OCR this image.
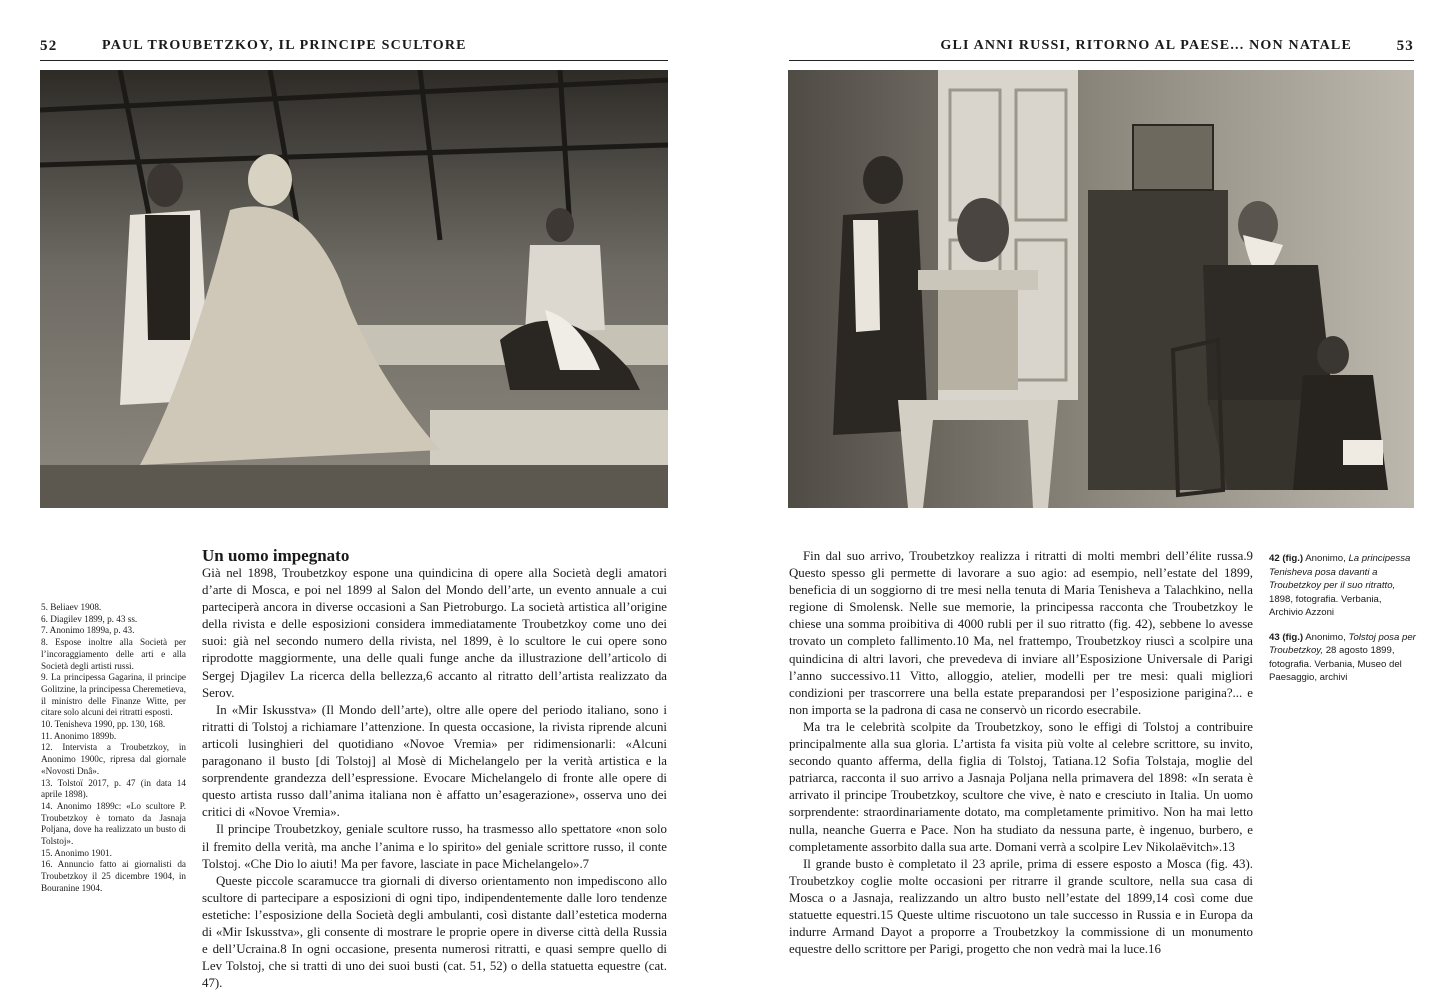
52	PAUL TROUBETZKOY, IL PRINCIPE SCULTORE
Un uomo impegnato

Già nel 1898, Troubetzkoy espone una quindicina di opere alla Società degli amatori d’arte di Mosca, e poi nel 1899 al Salon del Mondo dell’arte, un evento annuale a cui parteciperà ancora in diverse occasioni a San Pietroburgo. La società artistica all’origine della rivista e delle esposizioni considera immediatamente Troubetzkoy come uno dei suoi: già nel secondo numero della rivista, nel 1899, è lo scultore le cui opere sono riprodotte maggiormente, una delle quali funge anche da illustrazione dell’articolo di Sergej Djagilev La ricerca della bellezza,6 accanto al ritratto dell’artista realizzato da Serov.

In «Mir Iskusstva» (Il Mondo dell’arte), oltre alle opere del periodo italiano, sono i ritratti di Tolstoj a richiamare l’attenzione. In questa occasione, la rivista riprende alcuni articoli lusinghieri del quotidiano «Novoe Vremia» per ridimensionarli: «Alcuni paragonano il busto [di Tolstoj] al Mosè di Michelangelo per la verità artistica e la sorprendente grandezza dell’espressione. Evocare Michelangelo di fronte alle opere di questo artista russo dall’anima italiana non è affatto un’esagerazione», osserva uno dei critici di «Novoe Vremia».

Il principe Troubetzkoy, geniale scultore russo, ha trasmesso allo spettatore «non solo il fremito della verità, ma anche l’anima e lo spirito» del geniale scrittore russo, il conte Tolstoj. «Che Dio lo aiuti! Ma per favore, lasciate in pace Michelangelo».7

Queste piccole scaramucce tra giornali di diverso orientamento non impediscono allo scultore di partecipare a esposizioni di ogni tipo, indipendentemente dalle loro tendenze estetiche: l’esposizione della Società degli ambulanti, così distante dall’estetica moderna di «Mir Iskusstva», gli consente di mostrare le proprie opere in diverse città della Russia e dell’Ucraina.8 In ogni occasione, presenta numerosi ritratti, e quasi sempre quello di Lev Tolstoj, che si tratti di uno dei suoi busti (cat. 51, 52) o della statuetta equestre (cat. 47).

5. Beliaev 1908.
6. Diagilev 1899, p. 43 ss.
7. Anonimo 1899a, p. 43.
8. Espose inoltre alla Società per l’incoraggiamento delle arti e alla Società degli artisti russi.
9. La principessa Gagarina, il principe Golitzine, la principessa Cheremetieva, il ministro delle Finanze Witte, per citare solo alcuni dei ritratti esposti.
10. Tenisheva 1990, pp. 130, 168.
11. Anonimo 1899b.
12. Intervista a Troubetzkoy, in Anonimo 1900c, ripresa dal giornale «Novosti Dnâ».
13. Tolstoï 2017, p. 47 (in data 14 aprile 1898).
14. Anonimo 1899c: «Lo scultore P. Troubetzkoy è tornato da Jasnaja Poljana, dove ha realizzato un busto di Tolstoj».
15. Anonimo 1901.
16. Annuncio fatto ai giornalisti da Troubetzkoy il 25 dicembre 1904, in Bouranine 1904.
GLI ANNI RUSSI, RITORNO AL PAESE... NON NATALE	53

Fin dal suo arrivo, Troubetzkoy realizza i ritratti di molti membri dell’élite russa.9 Questo spesso gli permette di lavorare a suo agio: ad esempio, nell’estate del 1899, beneficia di un soggiorno di tre mesi nella tenuta di Maria Tenisheva a Talachkino, nella regione di Smolensk. Nelle sue memorie, la principessa racconta che Troubetzkoy le chiese una somma proibitiva di 4000 rubli per il suo ritratto (fig. 42), sebbene lo avesse trovato un completo fallimento.10 Ma, nel frattempo, Troubetzkoy riuscì a scolpire una quindicina di altri lavori, che prevedeva di inviare all’Esposizione Universale di Parigi l’anno successivo.11 Vitto, alloggio, atelier, modelli per tre mesi: quali migliori condizioni per trascorrere una bella estate preparandosi per l’esposizione parigina?... e non importa se la padrona di casa ne conservò un ricordo esecrabile.

Ma tra le celebrità scolpite da Troubetzkoy, sono le effigi di Tolstoj a contribuire principalmente alla sua gloria. L’artista fa visita più volte al celebre scrittore, su invito, secondo quanto afferma, della figlia di Tolstoj, Tatiana.12 Sofia Tolstaja, moglie del patriarca, racconta il suo arrivo a Jasnaja Poljana nella primavera del 1898: «In serata è arrivato il principe Troubetzkoy, scultore che vive, è nato e cresciuto in Italia. Un uomo sorprendente: straordinariamente dotato, ma completamente primitivo. Non ha mai letto nulla, neanche Guerra e Pace. Non ha studiato da nessuna parte, è ingenuo, burbero, e completamente assorbito dalla sua arte. Domani verrà a scolpire Lev Nikolaëvitch».13

Il grande busto è completato il 23 aprile, prima di essere esposto a Mosca (fig. 43). Troubetzkoy coglie molte occasioni per ritrarre il grande scultore, nella sua casa di Mosca o a Jasnaja, realizzando un altro busto nell’estate del 1899,14 così come due statuette equestri.15 Queste ultime riscuotono un tale successo in Russia e in Europa da indurre Armand Dayot a proporre a Troubetzkoy la commissione di un monumento equestre dello scrittore per Parigi, progetto che non vedrà mai la luce.16

42 (fig.) Anonimo, La principessa Tenisheva posa davanti a Troubetzkoy per il suo ritratto, 1898, fotografia. Verbania, Archivio Azzoni

43 (fig.) Anonimo, Tolstoj posa per Troubetzkoy, 28 agosto 1899, fotografia. Verbania, Museo del Paesaggio, archivi
